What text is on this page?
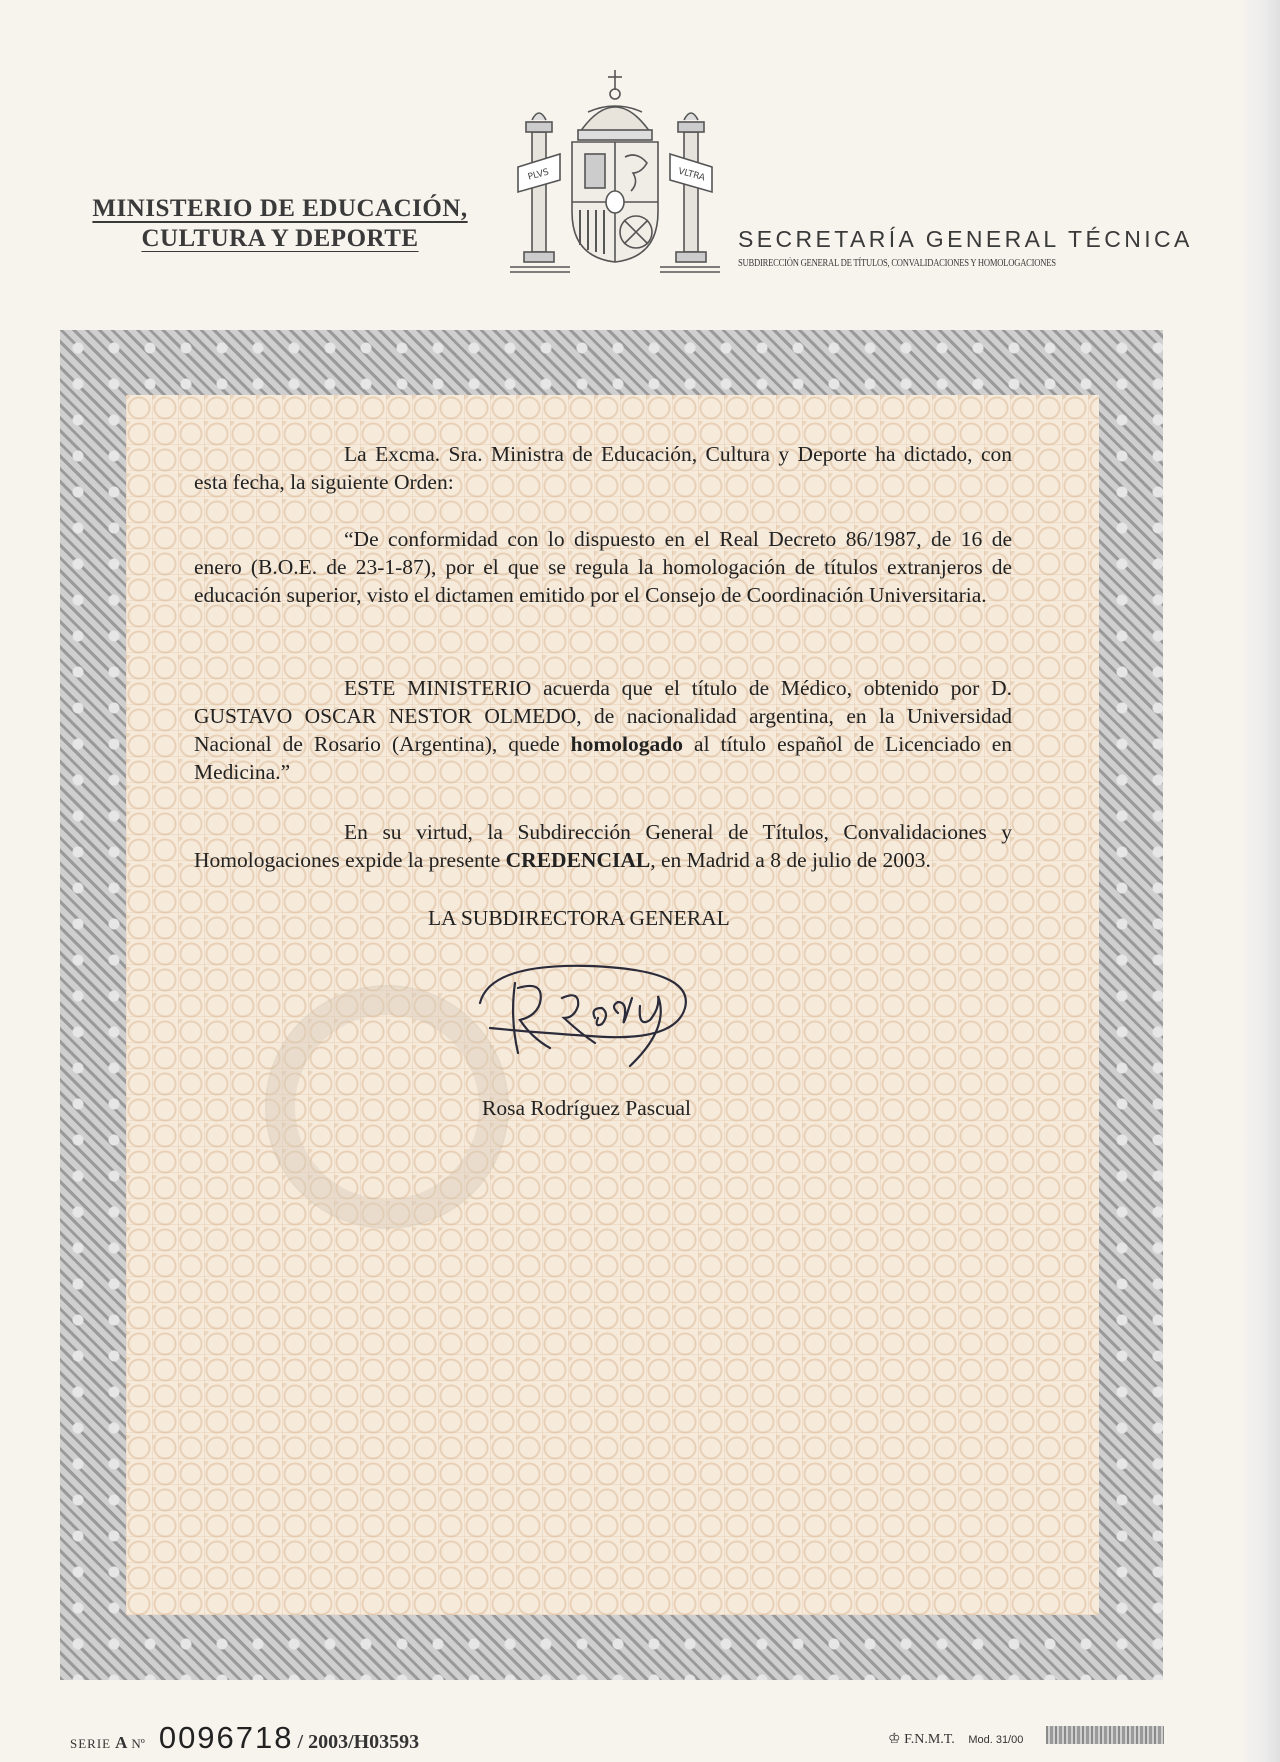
MINISTERIO DE EDUCACIÓN,
CULTURA Y DEPORTE
PLVS	VLTRA
SECRETARÍA GENERAL TÉCNICA
SUBDIRECCIÓN GENERAL DE TÍTULOS, CONVALIDACIONES Y HOMOLOGACIONES

La Excma. Sra. Ministra de Educación, Cultura y Deporte ha dictado, con esta fecha, la siguiente Orden:

“De conformidad con lo dispuesto en el Real Decreto 86/1987, de 16 de enero (B.O.E. de 23-1-87), por el que se regula la homologación de títulos extranjeros de educación superior, visto el dictamen emitido por el Consejo de Coordinación Universitaria.

ESTE MINISTERIO acuerda que el título de Médico, obtenido por D. GUSTAVO OSCAR NESTOR OLMEDO, de nacionalidad argentina, en la Universidad Nacional de Rosario (Argentina), quede homologado al título español de Licenciado en Medicina.”

En su virtud, la Subdirección General de Títulos, Convalidaciones y Homologaciones expide la presente CREDENCIAL, en Madrid a 8 de julio de 2003.

LA SUBDIRECTORA GENERAL
Rosa Rodríguez Pascual
SERIE A Nº 0096718 / 2003/H03593	♔ F.N.M.T. Mod. 31/00
